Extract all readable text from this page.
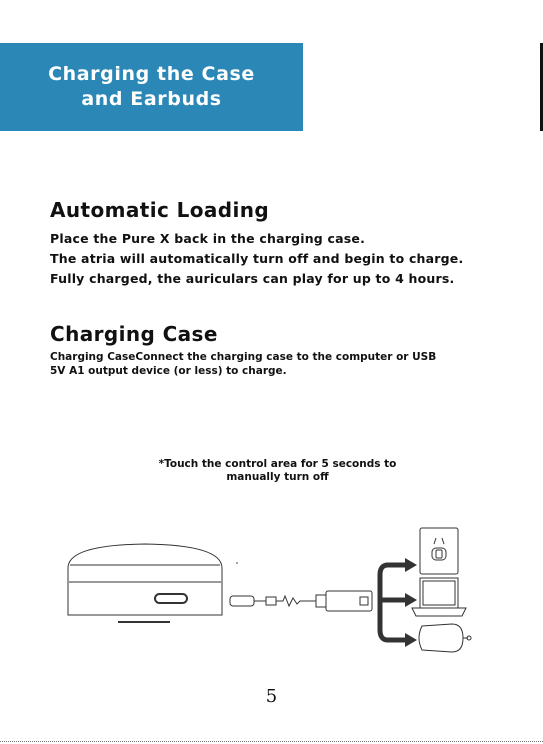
Charging the Case
and Earbuds
Automatic Loading
Place the Pure X back in the charging case.
The atria will automatically turn off and begin to charge.
Fully charged, the auriculars can play for up to 4 hours.
Charging Case
Charging CaseConnect the charging case to the computer or USB
5V A1 output device (or less) to charge.
*Touch the control area for 5 seconds to
manually turn off
5
